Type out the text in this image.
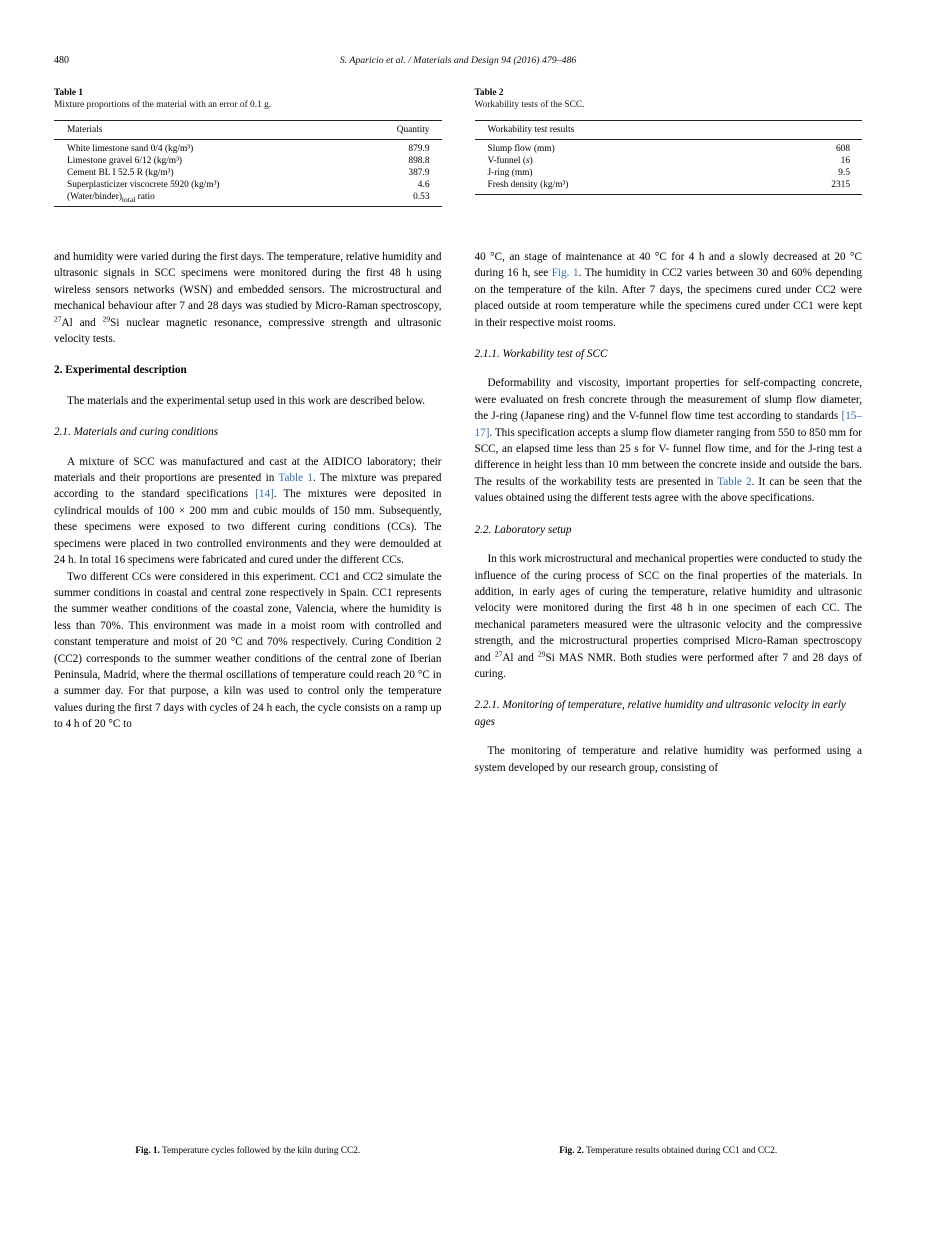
480	S. Aparicio et al. / Materials and Design 94 (2016) 479–486
Table 1
Mixture proportions of the material with an error of 0.1 g.
Materials	Quantity
White limestone sand 0/4 (kg/m³)	879.9
Limestone gravel 6/12 (kg/m³)	898.8
Cement BL I 52.5 R (kg/m³)	387.9
Superplasticizer viscocrete 5920 (kg/m³)	4.6
$(Water/binder)_{total}$ ratio	0.53
Table 2
Workability tests of the SCC.
Workability test results	
Slump flow (mm)	608
V-funnel (s)	16
J-ring (mm)	9.5
Fresh density (kg/m³)	2315

and humidity were varied during the first days. The temperature, relative humidity and ultrasonic signals in SCC specimens were monitored during the first 48 h using wireless sensors networks (WSN) and embedded sensors. The microstructural and mechanical behaviour after 7 and 28 days was studied by Micro-Raman spectroscopy, $^{27}$Al and $^{29}$Si nuclear magnetic resonance, compressive strength and ultrasonic velocity tests.

2. Experimental description

The materials and the experimental setup used in this work are described below.

2.1. Materials and curing conditions

A mixture of SCC was manufactured and cast at the AIDICO laboratory; their materials and their proportions are presented in Table 1. The mixture was prepared according to the standard specifications [14]. The mixtures were deposited in cylindrical moulds of 100 × 200 mm and cubic moulds of 150 mm. Subsequently, these specimens were exposed to two different curing conditions (CCs). The specimens were placed in two controlled environments and they were demoulded at 24 h. In total 16 specimens were fabricated and cured under the different CCs.

Two different CCs were considered in this experiment. CC1 and CC2 simulate the summer conditions in coastal and central zone respectively in Spain. CC1 represents the summer weather conditions of the coastal zone, Valencia, where the humidity is less than 70%. This environment was made in a moist room with controlled and constant temperature and moist of 20 °C and 70% respectively. Curing Condition 2 (CC2) corresponds to the summer weather conditions of the central zone of Iberian Peninsula, Madrid, where the thermal oscillations of temperature could reach 20 °C in a summer day. For that purpose, a kiln was used to control only the temperature values during the first 7 days with cycles of 24 h each, the cycle consists on a ramp up to 4 h of 20 °C to

40 °C, an stage of maintenance at 40 °C for 4 h and a slowly decreased at 20 °C during 16 h, see Fig. 1. The humidity in CC2 varies between 30 and 60% depending on the temperature of the kiln. After 7 days, the specimens cured under CC2 were placed outside at room temperature while the specimens cured under CC1 were kept in their respective moist rooms.

2.1.1. Workability test of SCC

Deformability and viscosity, important properties for self-compacting concrete, were evaluated on fresh concrete through the measurement of slump flow diameter, the J-ring (Japanese ring) and the V-funnel flow time test according to standards [15–17]. This specification accepts a slump flow diameter ranging from 550 to 850 mm for SCC, an elapsed time less than 25 s for V- funnel flow time, and for the J-ring test a difference in height less than 10 mm between the concrete inside and outside the bars. The results of the workability tests are presented in Table 2. It can be seen that the values obtained using the different tests agree with the above specifications.

2.2. Laboratory setup

In this work microstructural and mechanical properties were conducted to study the influence of the curing process of SCC on the final properties of the materials. In addition, in early ages of curing the temperature, relative humidity and ultrasonic velocity were monitored during the first 48 h in one specimen of each CC. The mechanical parameters measured were the ultrasonic velocity and the compressive strength, and the microstructural properties comprised Micro-Raman spectroscopy and $^{27}$Al and $^{29}$Si MAS NMR. Both studies were performed after 7 and 28 days of curing.

2.2.1. Monitoring of temperature, relative humidity and ultrasonic velocity in early ages

The monitoring of temperature and relative humidity was performed using a system developed by our research group, consisting of

Fig. 1. Temperature cycles followed by the kiln during CC2.	Fig. 2. Temperature results obtained during CC1 and CC2.
